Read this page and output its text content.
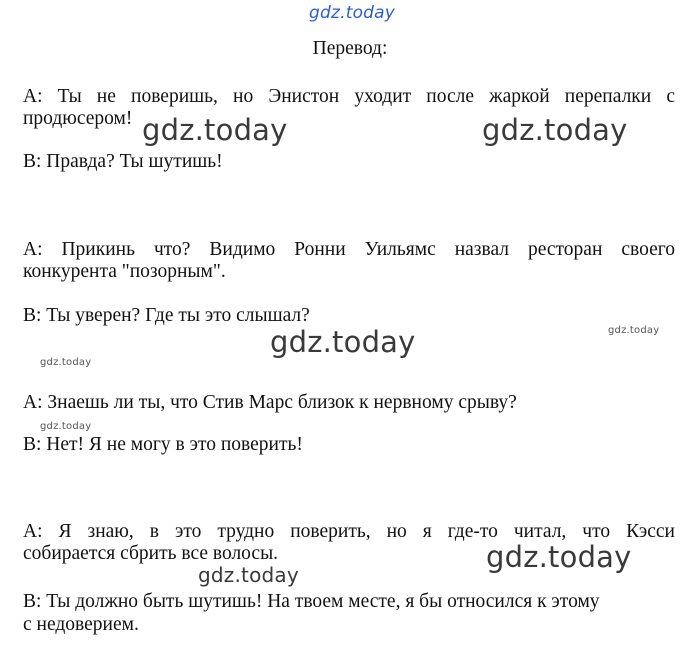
gdz.today
Перевод:
A: Ты не поверишь, но Энистон уходит после жаркой перепалки с
продюсером!
B: Правда? Ты шутишь!
A: Прикинь что? Видимо Ронни Уильямс назвал ресторан своего
конкурента "позорным".
B: Ты уверен? Где ты это слышал?
A: Знаешь ли ты, что Стив Марс близок к нервному срыву?
B: Нет! Я не могу в это поверить!
A: Я знаю, в это трудно поверить, но я где-то читал, что Кэсси
собирается сбрить все волосы.
B: Ты должно быть шутишь! На твоем месте, я бы относился к этому
с недоверием.
gdz.today	gdz.today
gdz.today
gdz.today
gdz.today
gdz.today
gdz.today
gdz.today
